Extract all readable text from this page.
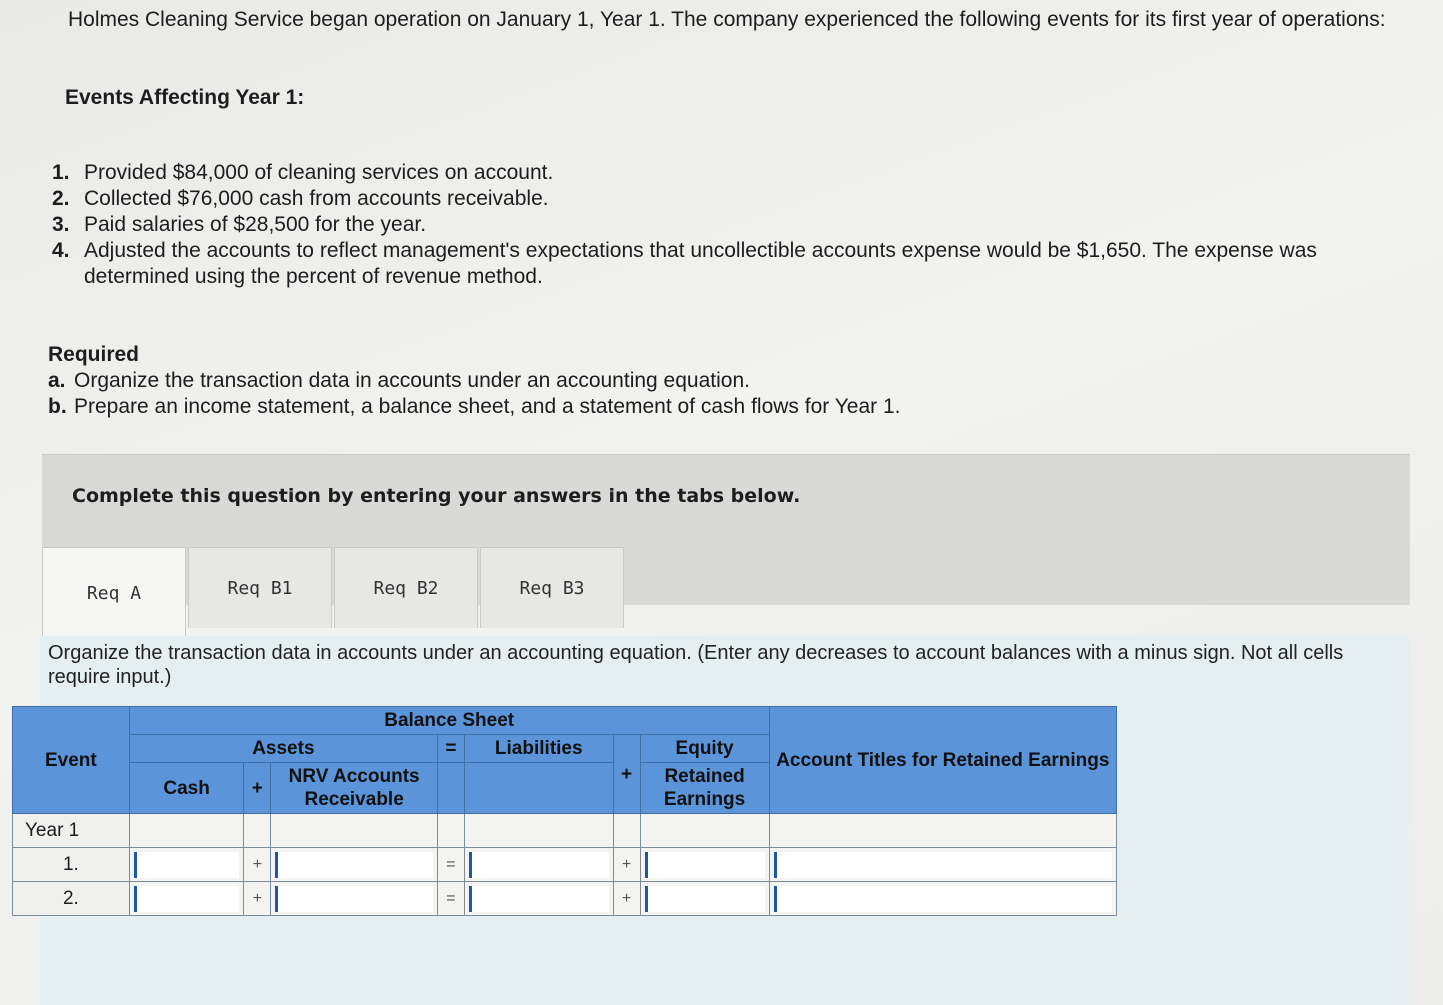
Holmes Cleaning Service began operation on January 1, Year 1. The company experienced the following events for its first year of operations:

Events Affecting Year 1:
1. Provided $84,000 of cleaning services on account.
2. Collected $76,000 cash from accounts receivable.
3. Paid salaries of $28,500 for the year.
4. Adjusted the accounts to reflect management's expectations that uncollectible accounts expense would be $1,650. The expense was determined using the percent of revenue method.
Required
a. Organize the transaction data in accounts under an accounting equation.
b. Prepare an income statement, a balance sheet, and a statement of cash flows for Year 1.
Complete this question by entering your answers in the tabs below.
Req A	Req B1	Req B2	Req B3
Organize the transaction data in accounts under an accounting equation. (Enter any decreases to account balances with a minus sign. Not all cells require input.)
Event	Balance Sheet							Account Titles for Retained Earnings
	Assets			=	Liabilities	+	Equity	
	Cash	+	NRV Accounts Receivable				Retained Earnings	
Year 1								
1.		+		=		+		
2.		+		=		+		
